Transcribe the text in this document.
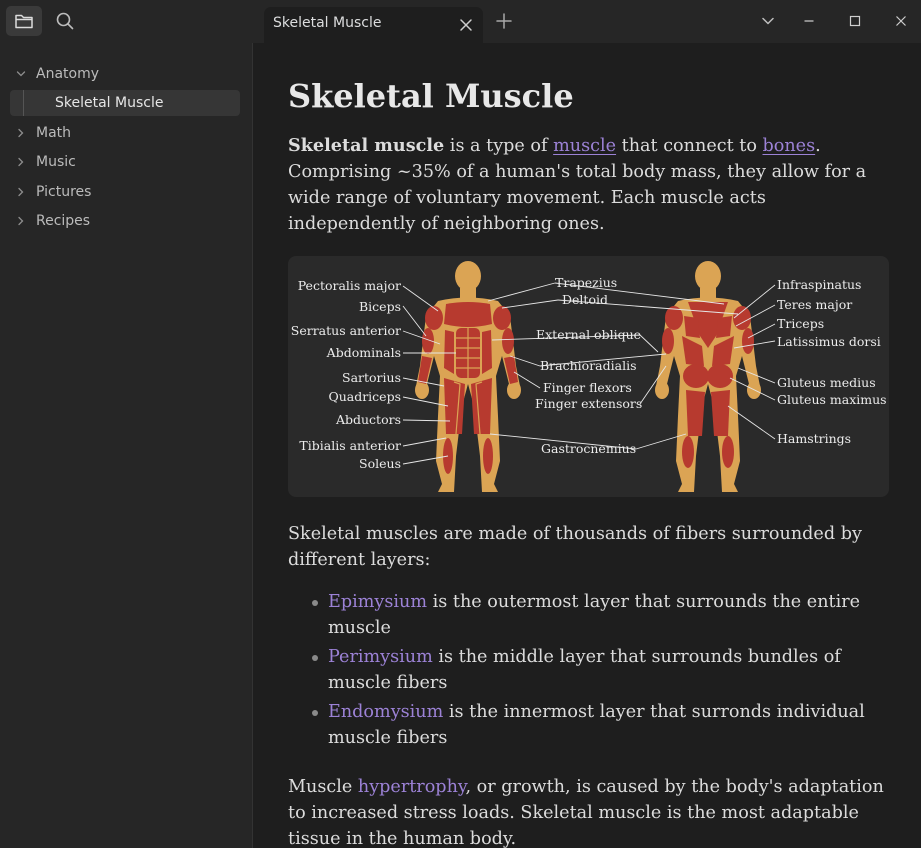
Skeletal Muscle
Anatomy
Skeletal Muscle
Math
Music
Pictures
Recipes
Skeletal Muscle

Skeletal muscle is a type of muscle that connect to bones. Comprising ~35% of a human's total body mass, they allow for a wide range of voluntary movement. Each muscle acts independently of neighboring ones.

Pectoralis major
Biceps
Serratus anterior
Abdominals
Sartorius
Quadriceps
Abductors
Tibialis anterior
Soleus
Trapezius
Deltoid
External oblique
Brachioradialis
Finger flexors
Finger extensors
Gastrocnemius
Infraspinatus
Teres major
Triceps
Latissimus dorsi
Gluteus medius
Gluteus maximus
Hamstrings

Skeletal muscles are made of thousands of fibers surrounded by different layers:

Epimysium is the outermost layer that surrounds the entire muscle
Perimysium is the middle layer that surrounds bundles of muscle fibers
Endomysium is the innermost layer that surronds individual muscle fibers

Muscle hypertrophy, or growth, is caused by the body's adaptation to increased stress loads. Skeletal muscle is the most adaptable tissue in the human body.
